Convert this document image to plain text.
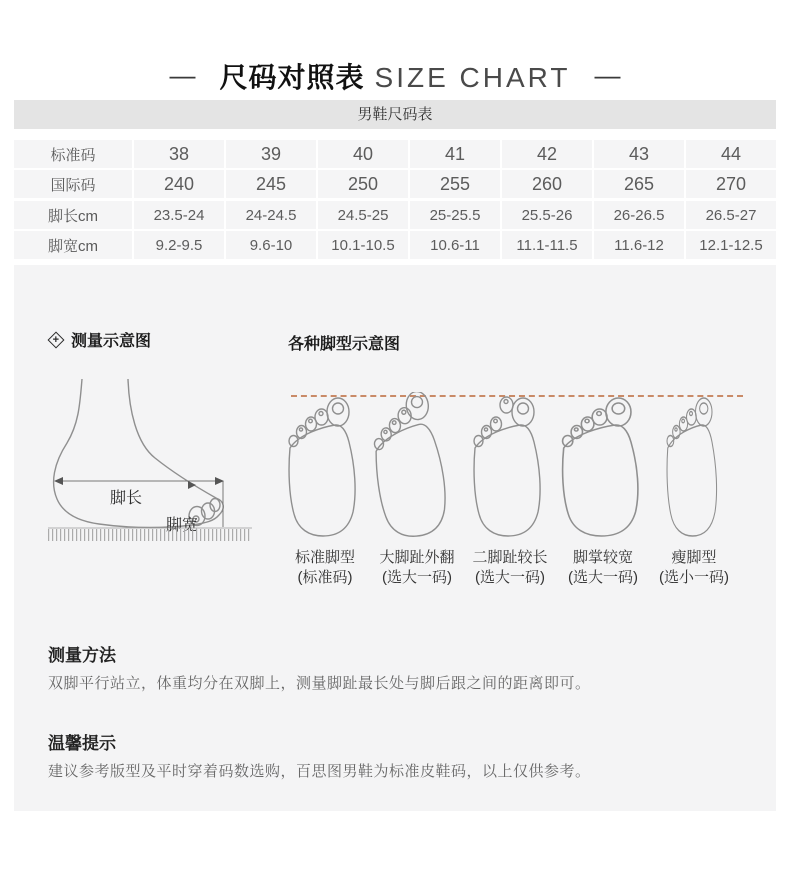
— 尺码对照表 SIZE CHART —
男鞋尺码表
标准码	38	39	40	41	42	43	44
国际码	240	245	250	255	260	265	270
脚长cm	23.5-24	24-24.5	24.5-25	25-25.5	25.5-26	26-26.5	26.5-27
脚宽cm	9.2-9.5	9.6-10	10.1-10.5	10.6-11	11.1-11.5	11.6-12	12.1-12.5
+ 测量示意图	各种脚型示意图
脚长
脚宽
标准脚型
(标准码)
大脚趾外翻
(选大一码)
二脚趾较长
(选大一码)
脚掌较宽
(选大一码)
瘦脚型
(选小一码)
测量方法
双脚平行站立，体重均分在双脚上，测量脚趾最长处与脚后跟之间的距离即可。
温馨提示
建议参考版型及平时穿着码数选购，百思图男鞋为标准皮鞋码，以上仅供参考。
